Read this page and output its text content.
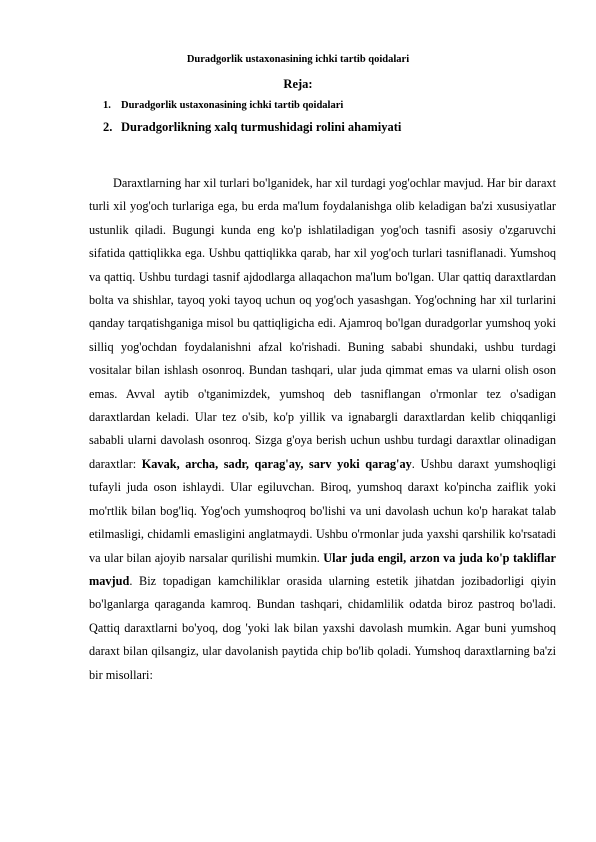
Duradgorlik ustaxonasining ichki tartib qoidalari
Reja:
1. Duradgorlik ustaxonasining ichki tartib qoidalari
2. Duradgorlikning xalq turmushidagi rolini ahamiyati

Daraxtlarning har xil turlari bo'lganidek, har xil turdagi yog'ochlar mavjud. Har bir daraxt turli xil yog'och turlariga ega, bu erda ma'lum foydalanishga olib keladigan ba'zi xususiyatlar ustunlik qiladi. Bugungi kunda eng ko'p ishlatiladigan yog'och tasnifi asosiy o'zgaruvchi sifatida qattiqlikka ega. Ushbu qattiqlikka qarab, har xil yog'och turlari tasniflanadi. Yumshoq va qattiq. Ushbu turdagi tasnif ajdodlarga allaqachon ma'lum bo'lgan. Ular qattiq daraxtlardan bolta va shishlar, tayoq yoki tayoq uchun oq yog'och yasashgan. Yog'ochning har xil turlarini qanday tarqatishganiga misol bu qattiqligicha edi. Ajamroq bo'lgan duradgorlar yumshoq yoki silliq yog'ochdan foydalanishni afzal ko'rishadi. Buning sababi shundaki, ushbu turdagi vositalar bilan ishlash osonroq. Bundan tashqari, ular juda qimmat emas va ularni olish oson emas. Avval aytib o'tganimizdek, yumshoq deb tasniflangan o'rmonlar tez o'sadigan daraxtlardan keladi. Ular tez o'sib, ko'p yillik va ignabargli daraxtlardan kelib chiqqanligi sababli ularni davolash osonroq. Sizga g'oya berish uchun ushbu turdagi daraxtlar olinadigan daraxtlar: Kavak, archa, sadr, qarag'ay, sarv yoki qarag'ay. Ushbu daraxt yumshoqligi tufayli juda oson ishlaydi. Ular egiluvchan. Biroq, yumshoq daraxt ko'pincha zaiflik yoki mo'rtlik bilan bog'liq. Yog'och yumshoqroq bo'lishi va uni davolash uchun ko'p harakat talab etilmasligi, chidamli emasligini anglatmaydi. Ushbu o'rmonlar juda yaxshi qarshilik ko'rsatadi va ular bilan ajoyib narsalar qurilishi mumkin. Ular juda engil, arzon va juda ko'p takliflar mavjud. Biz topadigan kamchiliklar orasida ularning estetik jihatdan jozibadorligi qiyin bo'lganlarga qaraganda kamroq. Bundan tashqari, chidamlilik odatda biroz pastroq bo'ladi. Qattiq daraxtlarni bo'yoq, dog 'yoki lak bilan yaxshi davolash mumkin. Agar buni yumshoq daraxt bilan qilsangiz, ular davolanish paytida chip bo'lib qoladi. Yumshoq daraxtlarning ba'zi bir misollari:
